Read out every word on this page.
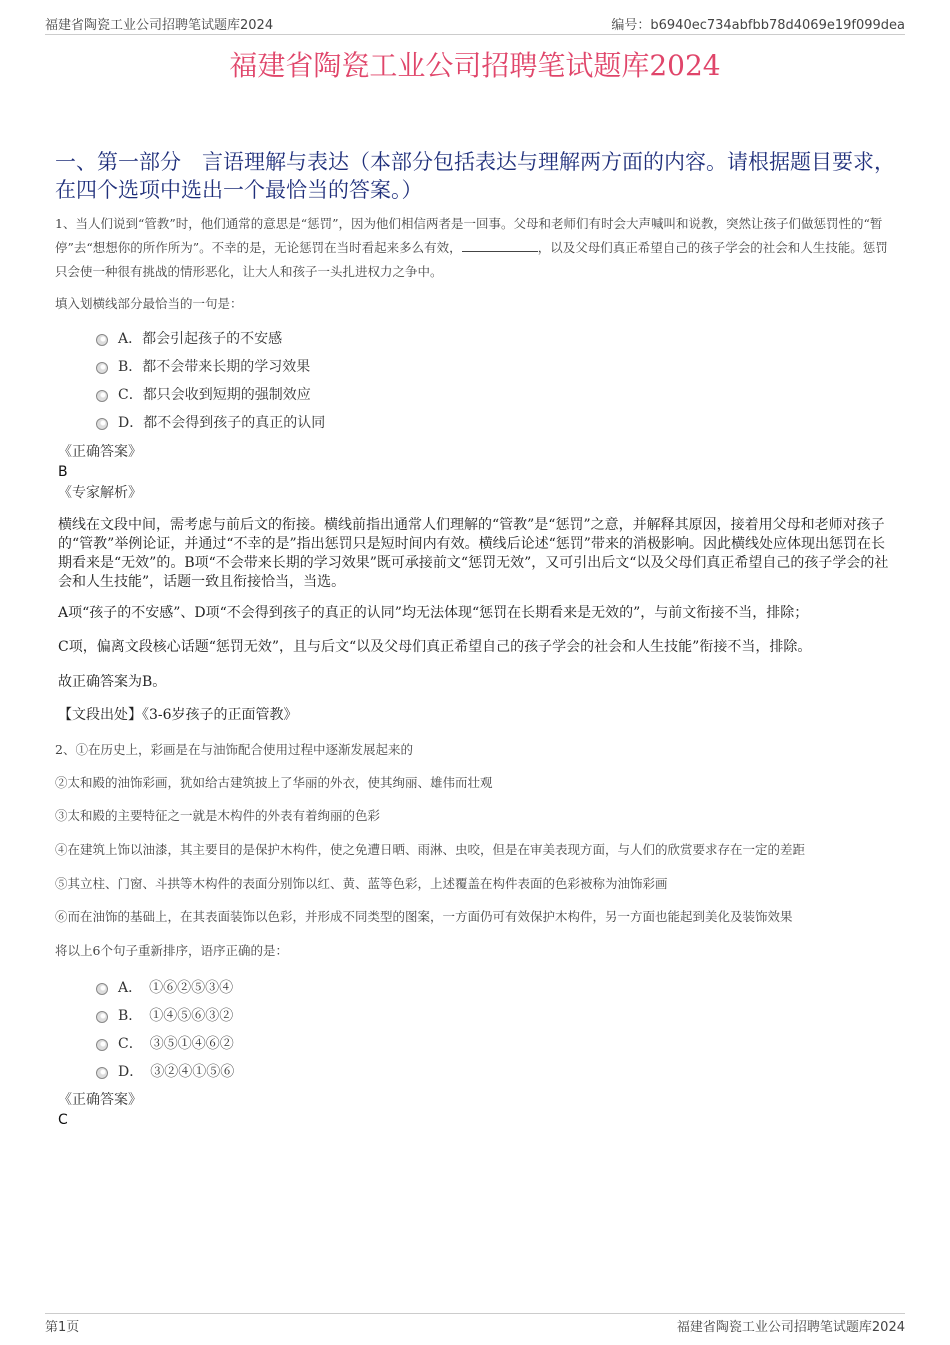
福建省陶瓷工业公司招聘笔试题库2024	编号：b6940ec734abfbb78d4069e19f099dea
福建省陶瓷工业公司招聘笔试题库2024
一、第一部分　言语理解与表达（本部分包括表达与理解两方面的内容。请根据题目要求，在四个选项中选出一个最恰当的答案。）
1、当人们说到“管教”时，他们通常的意思是“惩罚”，因为他们相信两者是一回事。父母和老师们有时会大声喊叫和说教，突然让孩子们做惩罚性的“暂停”去“想想你的所作所为”。不幸的是，无论惩罚在当时看起来多么有效，	，以及父母们真正希望自己的孩子学会的社会和人生技能。惩罚只会使一种很有挑战的情形恶化，让大人和孩子一头扎进权力之争中。
填入划横线部分最恰当的一句是：
A．都会引起孩子的不安感
B．都不会带来长期的学习效果
C．都只会收到短期的强制效应
D．都不会得到孩子的真正的认同
《正确答案》
B
《专家解析》
横线在文段中间，需考虑与前后文的衔接。横线前指出通常人们理解的“管教”是“惩罚”之意，并解释其原因，接着用父母和老师对孩子的“管教”举例论证，并通过“不幸的是”指出惩罚只是短时间内有效。横线后论述“惩罚”带来的消极影响。因此横线处应体现出惩罚在长期看来是“无效”的。B项“不会带来长期的学习效果”既可承接前文“惩罚无效”，又可引出后文“以及父母们真正希望自己的孩子学会的社会和人生技能”，话题一致且衔接恰当，当选。
A项“孩子的不安感”、D项“不会得到孩子的真正的认同”均无法体现“惩罚在长期看来是无效的”，与前文衔接不当，排除；
C项，偏离文段核心话题“惩罚无效”，且与后文“以及父母们真正希望自己的孩子学会的社会和人生技能”衔接不当，排除。
故正确答案为B。
【文段出处】《3-6岁孩子的正面管教》
2、①在历史上，彩画是在与油饰配合使用过程中逐渐发展起来的
②太和殿的油饰彩画，犹如给古建筑披上了华丽的外衣，使其绚丽、雄伟而壮观
③太和殿的主要特征之一就是木构件的外表有着绚丽的色彩
④在建筑上饰以油漆，其主要目的是保护木构件，使之免遭日晒、雨淋、虫咬，但是在审美表现方面，与人们的欣赏要求存在一定的差距
⑤其立柱、门窗、斗拱等木构件的表面分别饰以红、黄、蓝等色彩，上述覆盖在构件表面的色彩被称为油饰彩画
⑥而在油饰的基础上，在其表面装饰以色彩，并形成不同类型的图案，一方面仍可有效保护木构件，另一方面也能起到美化及装饰效果
将以上6个句子重新排序，语序正确的是：
A．　①⑥②⑤③④
B．　①④⑤⑥③②
C．　③⑤①④⑥②
D．　③②④①⑤⑥
《正确答案》
C
第1页	福建省陶瓷工业公司招聘笔试题库2024
